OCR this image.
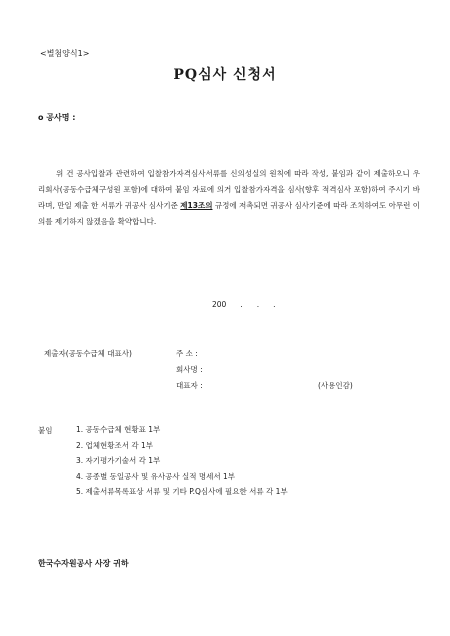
<별첨양식1>
PQ심사 신청서
o 공사명 :

위 건 공사입찰과 관련하여 입찰참가자격심사서류를 신의성실의 원칙에 따라 작성, 붙임과 같이 제출하오니 우리회사(공동수급체구성원 포함)에 대하여 붙임 자료에 의거 입찰참가자격을 심사(향후 적격심사 포함)하여 주시기 바라며, 만일 제출 한 서류가 귀공사 심사기준 제13조의 규정에 저촉되면 귀공사 심사기준에 따라 조치하여도 아무런 이의를 제기하지 않겠음을 확약합니다.

200 ...
제출자(공동수급체 대표사)	주 소 :
회사명 :
대표자 :	(사용인감)
붙임	1. 공동수급체 현황표 1부
2. 업체현황조서 각 1부
3. 자기평가기술서 각 1부
4. 공종별 동일공사 및 유사공사 실적 명세서 1부
5. 제출서류목록표상 서류 및 기타 P.Q심사에 필요한 서류 각 1부
한국수자원공사 사장 귀하
